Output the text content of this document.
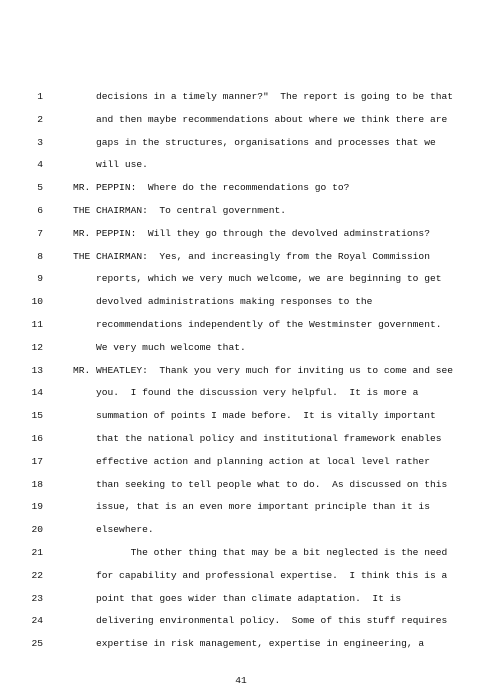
1	decisions in a timely manner?"  The report is going to be that
2	and then maybe recommendations about where we think there are
3	gaps in the structures, organisations and processes that we
4	will use.
5	MR. PEPPIN:  Where do the recommendations go to?
6	THE CHAIRMAN:  To central government.
7	MR. PEPPIN:  Will they go through the devolved adminstrations?
8	THE CHAIRMAN:  Yes, and increasingly from the Royal Commission
9	reports, which we very much welcome, we are beginning to get
10	devolved administrations making responses to the
11	recommendations independently of the Westminster government.
12	We very much welcome that.
13	MR. WHEATLEY:  Thank you very much for inviting us to come and see
14	you.  I found the discussion very helpful.  It is more a
15	summation of points I made before.  It is vitally important
16	that the national policy and institutional framework enables
17	effective action and planning action at local level rather
18	than seeking to tell people what to do.  As discussed on this
19	issue, that is an even more important principle than it is
20	elsewhere.
21	The other thing that may be a bit neglected is the need
22	for capability and professional expertise.  I think this is a
23	point that goes wider than climate adaptation.  It is
24	delivering environmental policy.  Some of this stuff requires
25	expertise in risk management, expertise in engineering, a
41
